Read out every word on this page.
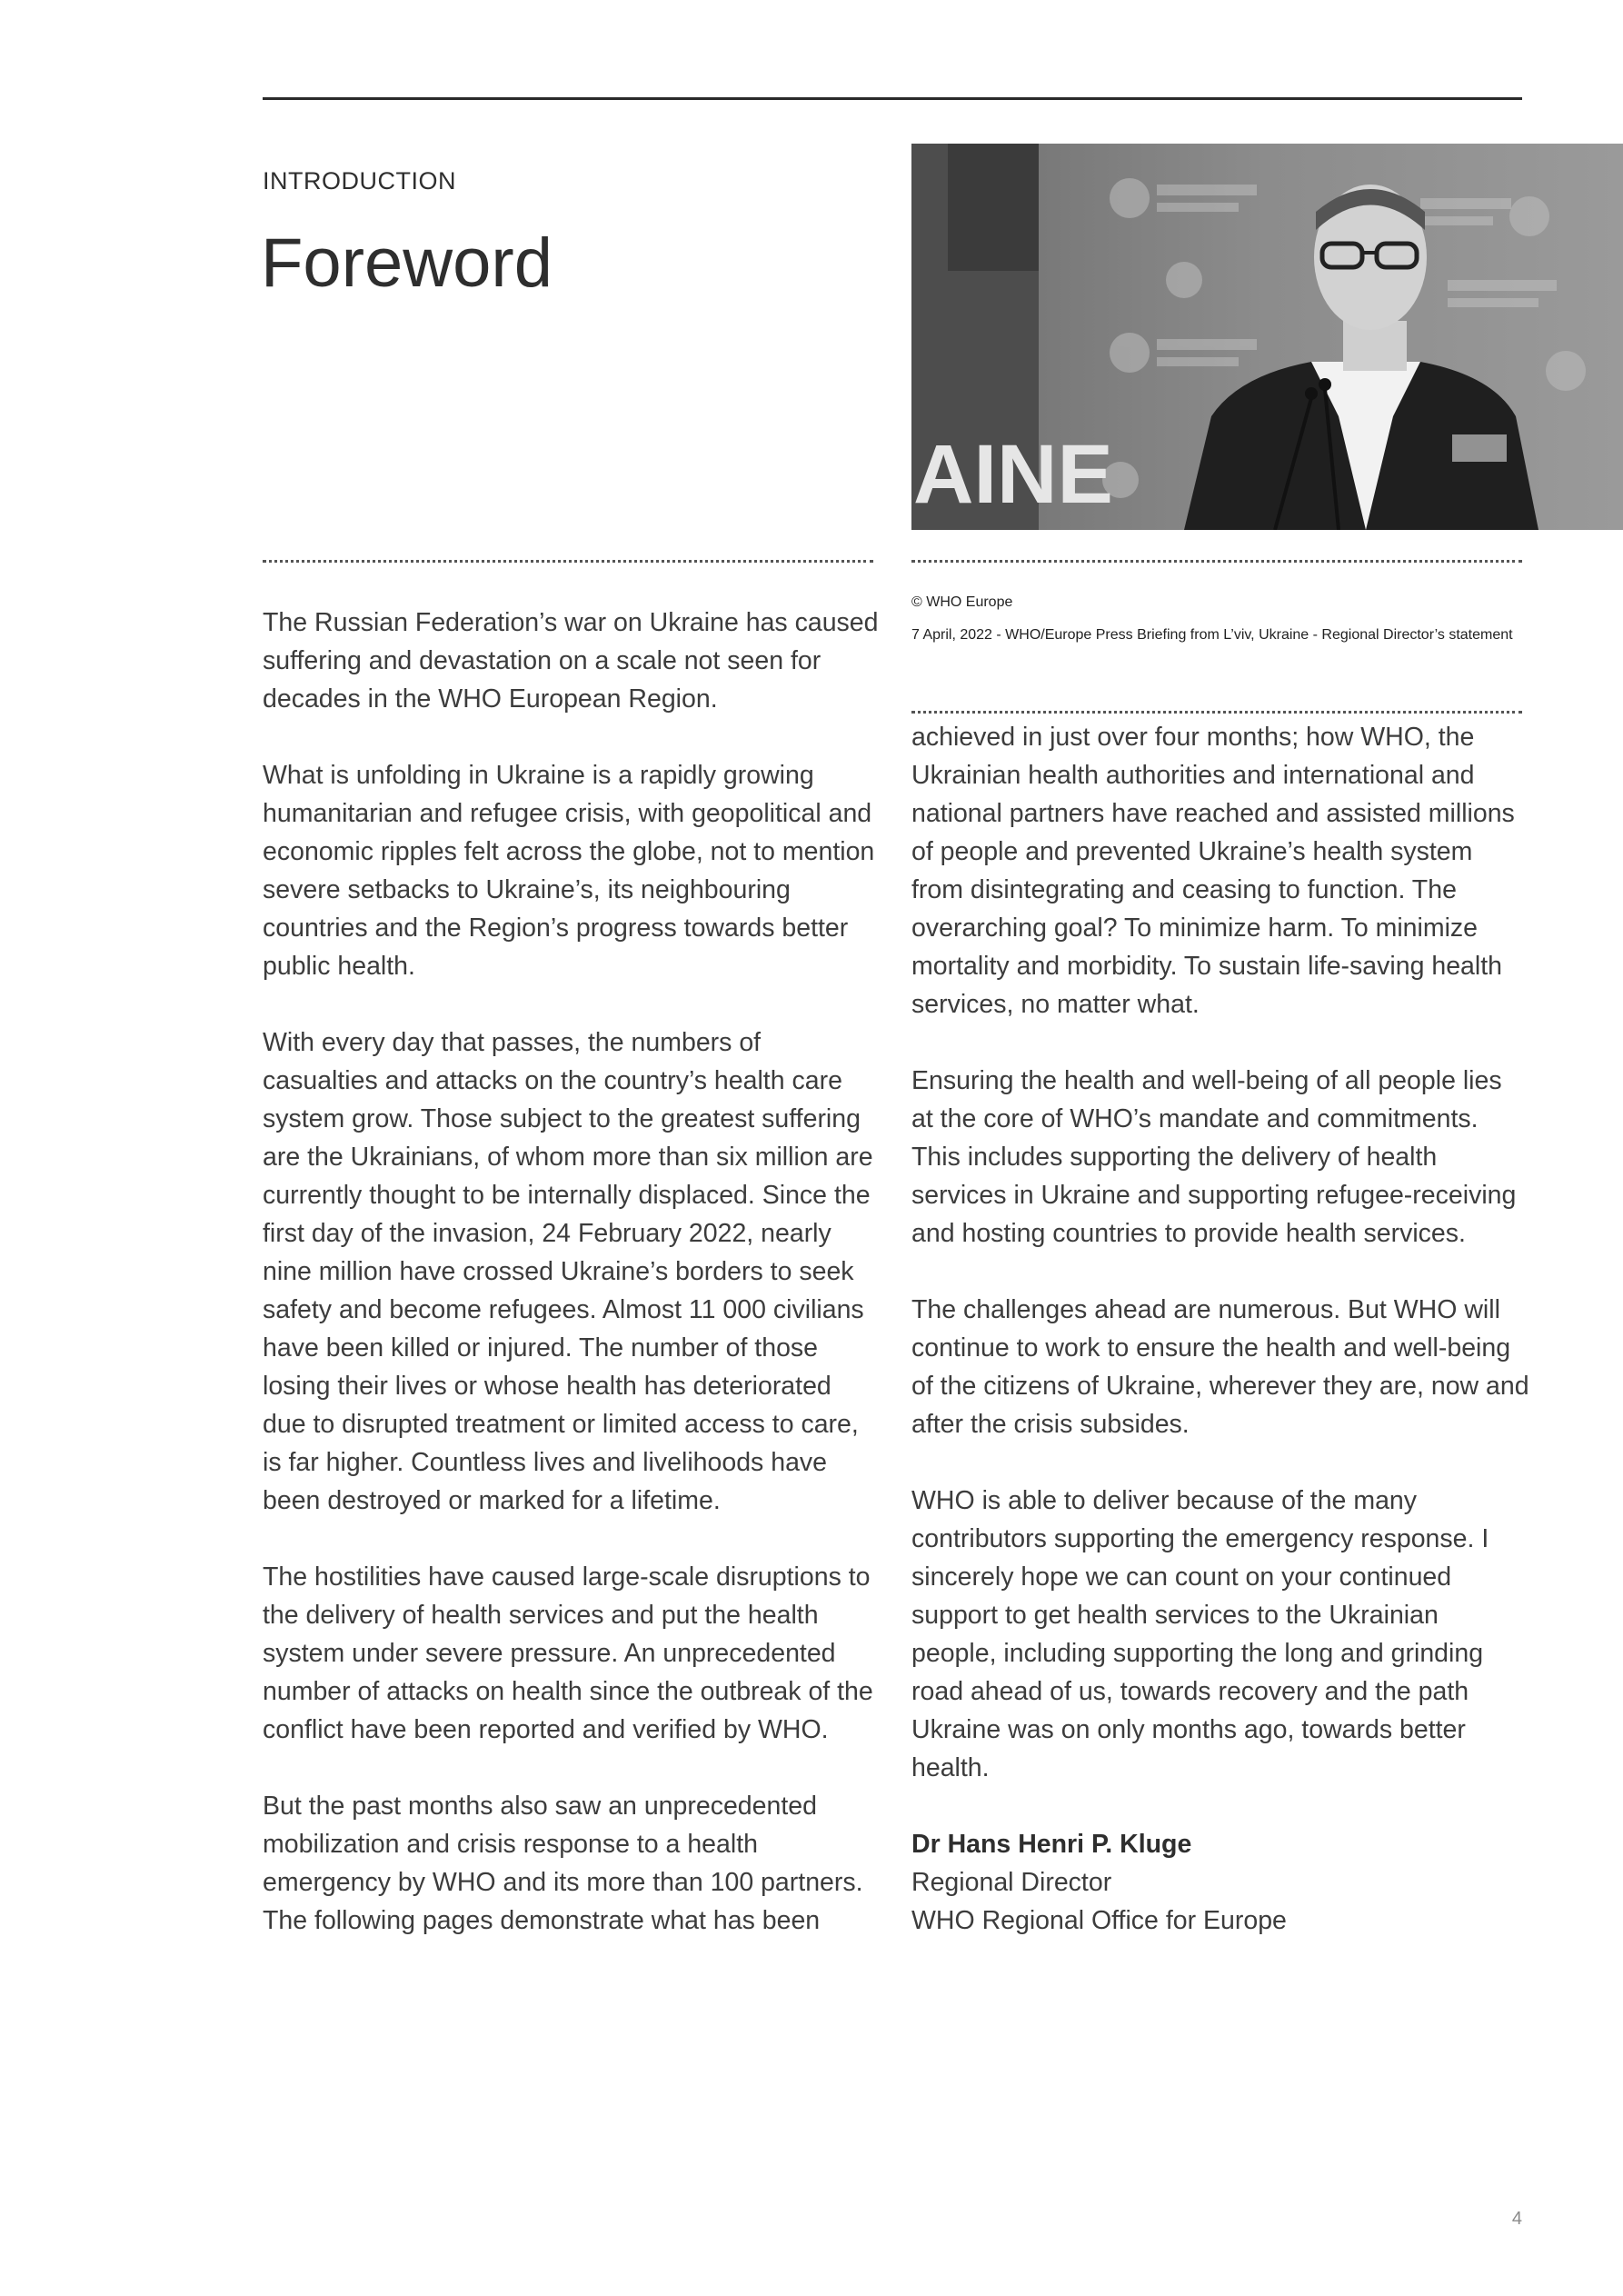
INTRODUCTION
Foreword
AINE
© WHO Europe
7 April, 2022 - WHO/Europe Press Briefing from L’viv, Ukraine - Regional Director’s statement

The Russian Federation’s war on Ukraine has caused suffering and devastation on a scale not seen for decades in the WHO European Region.

What is unfolding in Ukraine is a rapidly growing humanitarian and refugee crisis, with geopolitical and economic ripples felt across the globe, not to mention severe setbacks to Ukraine’s, its neighbouring countries and the Region’s progress towards better public health.

With every day that passes, the numbers of casualties and attacks on the country’s health care system grow. Those subject to the greatest suffering are the Ukrainians, of whom more than six million are currently thought to be internally displaced. Since the first day of the invasion, 24 February 2022, nearly nine million have crossed Ukraine’s borders to seek safety and become refugees. Almost 11 000 civilians have been killed or injured. The number of those losing their lives or whose health has deteriorated due to disrupted treatment or limited access to care, is far higher. Countless lives and livelihoods have been destroyed or marked for a lifetime.

The hostilities have caused large-scale disruptions to the delivery of health services and put the health system under severe pressure. An unprecedented number of attacks on health since the outbreak of the conflict have been reported and verified by WHO.

But the past months also saw an unprecedented mobilization and crisis response to a health emergency by WHO and its more than 100 partners. The following pages demonstrate what has been

achieved in just over four months; how WHO, the Ukrainian health authorities and international and national partners have reached and assisted millions of people and prevented Ukraine’s health system from disintegrating and ceasing to function. The overarching goal? To minimize harm. To minimize mortality and morbidity. To sustain life-saving health services, no matter what.

Ensuring the health and well-being of all people lies at the core of WHO’s mandate and commitments. This includes supporting the delivery of health services in Ukraine and supporting refugee-receiving and hosting countries to provide health services.

The challenges ahead are numerous. But WHO will continue to work to ensure the health and well-being of the citizens of Ukraine, wherever they are, now and after the crisis subsides.

WHO is able to deliver because of the many contributors supporting the emergency response. I sincerely hope we can count on your continued support to get health services to the Ukrainian people, including supporting the long and grinding road ahead of us, towards recovery and the path Ukraine was on only months ago, towards better health.

Dr Hans Henri P. Kluge
Regional Director
WHO Regional Office for Europe

4
